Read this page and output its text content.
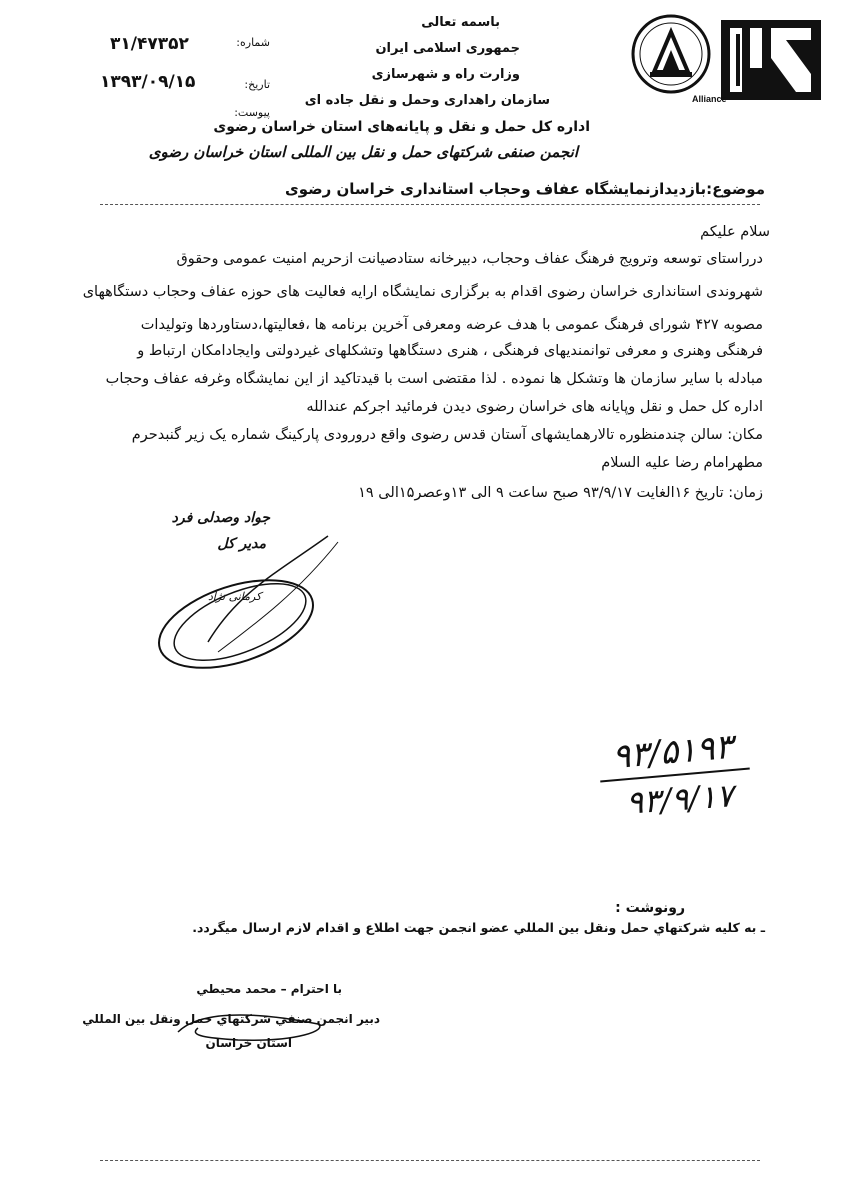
Alliance
باسمه تعالی
جمهوری اسلامی ایران
وزارت راه و شهرسازی
سازمان راهداری وحمل و نقل جاده ای
اداره کل حمل و نقل و پایانه‌های استان خراسان رضوی
شماره:
۳۱/۴۷۳۵۲
تاریخ:
۱۳۹۳/۰۹/۱۵
پیوست:
انجمن صنفی شرکتهای حمل و نقل بین المللی استان خراسان رضوی
موضوع:بازدیدازنمایشگاه عفاف وحجاب استانداری خراسان رضوی
سلام علیکم
درراستای توسعه وترویج فرهنگ عفاف وحجاب، دبیرخانه ستادصیانت ازحریم امنیت عمومی وحقوق
شهروندی استانداری خراسان رضوی اقدام به برگزاری نمایشگاه ارایه فعالیت های حوزه عفاف وحجاب دستگاههای
مصوبه ۴۲۷ شورای فرهنگ عمومی با هدف عرضه ومعرفی آخرین برنامه ها ،فعالیتها،دستاوردها وتولیدات
فرهنگی وهنری و معرفی توانمندیهای فرهنگی ، هنری دستگاهها وتشکلهای غیردولتی وایجادامکان ارتباط و
مبادله با سایر سازمان ها وتشکل ها نموده . لذا مقتضی است با قیدتاکید از این نمایشگاه وغرفه عفاف وحجاب
اداره کل حمل و نقل وپایانه های خراسان رضوی دیدن فرمائید اجرکم عندالله
مکان: سالن چندمنظوره تالارهمایشهای آستان قدس رضوی واقع درورودی پارکینگ شماره یک زیر گنبدحرم
مطهرامام رضا علیه السلام
زمان: تاریخ ۱۶الغایت ۹۳/۹/۱۷ صبح ساعت ۹ الی ۱۳وعصر۱۵الی ۱۹
جواد وصدلی فرد
مدیر کل
کرمانی نژاد
۹۳/۵۱۹۳
۹۳/۹/۱۷
رونوشت :
ـ به کلیه شرکتهاي حمل ونقل بين المللي عضو انجمن جهت اطلاع و اقدام لازم ارسال ميگردد.
با احترام – محمد محيطي
دبير انجمن صنفي شركتهاي حمل ونقل بين المللي
استان خراسان
